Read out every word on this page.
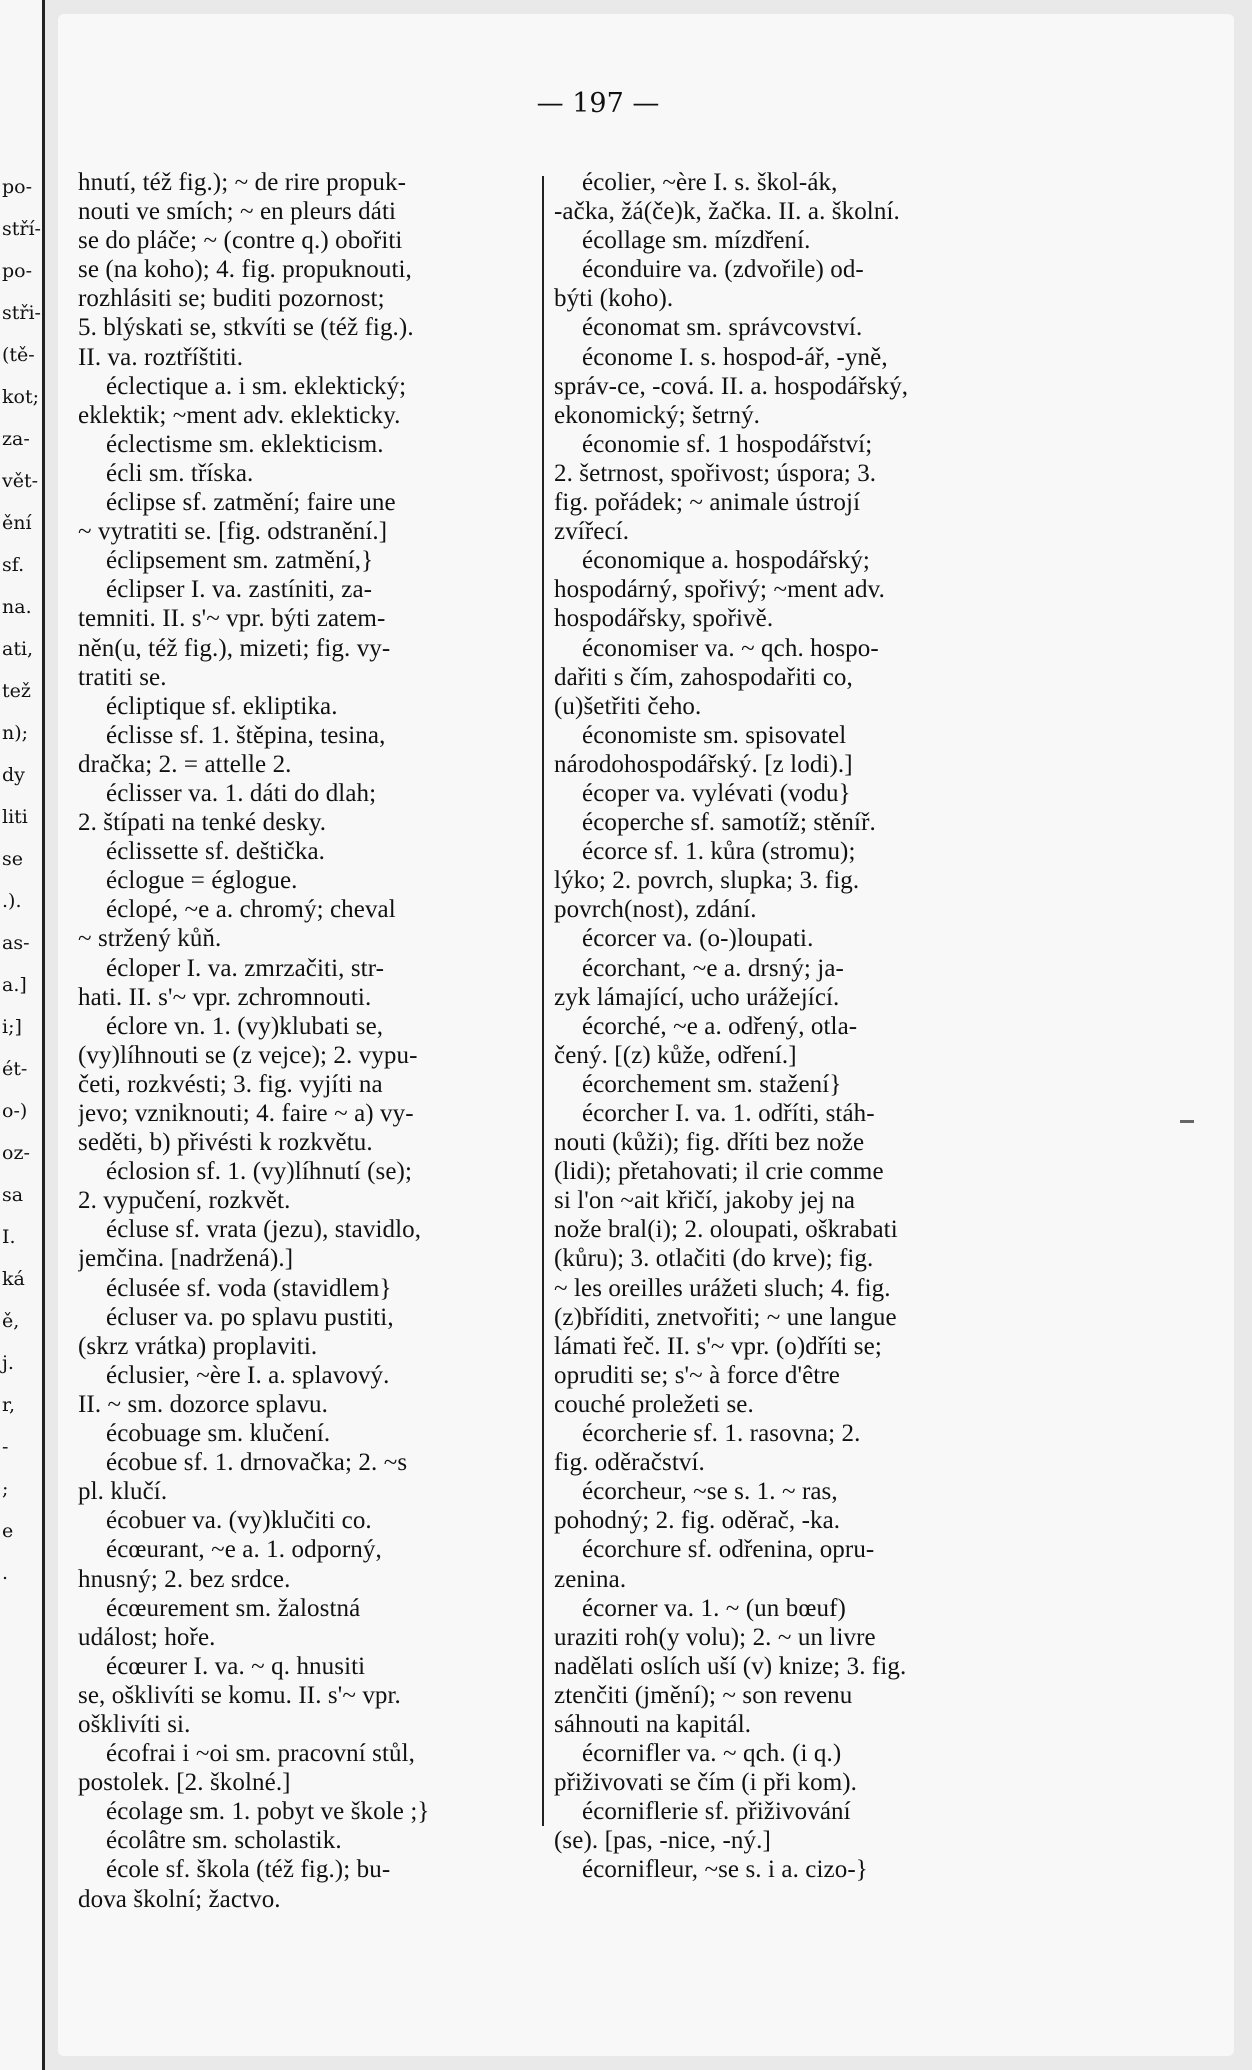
po-
stří-
po-
stři-
(tě-
kot;
za-
vět-
ění
sf.
na.
ati,
tež
n);
dy
liti
se
.).
as-
a.]
i;]
ét-
o-)
oz-
sa
I.
ká
ě,
j.
r,
-
;
e
.
— 197 —
hnutí, též fig.); ~ de rire propuk-
nouti ve smích; ~ en pleurs dáti
se do pláče; ~ (contre q.) obořiti
se (na koho); 4. fig. propuknouti,
rozhlásiti se; buditi pozornost;
5. blýskati se, stkvíti se (též fig.).
II. va. roztříštiti.
éclectique a. i sm. eklektický;
eklektik; ~ment adv. eklekticky.
éclectisme sm. eklekticism.
écli sm. tříska.
éclipse sf. zatmění; faire une
~ vytratiti se. [fig. odstranění.]
éclipsement sm. zatmění,}
éclipser I. va. zastíniti, za-
temniti. II. s'~ vpr. býti zatem-
něn(u, též fig.), mizeti; fig. vy-
tratiti se.
écliptique sf. ekliptika.
éclisse sf. 1. štěpina, tesina,
dračka; 2. = attelle 2.
éclisser va. 1. dáti do dlah;
2. štípati na tenké desky.
éclissette sf. deštička.
éclogue = églogue.
éclopé, ~e a. chromý; cheval
~ stržený kůň.
écloper I. va. zmrzačiti, str-
hati. II. s'~ vpr. zchromnouti.
éclore vn. 1. (vy)klubati se,
(vy)líhnouti se (z vejce); 2. vypu-
četi, rozkvésti; 3. fig. vyjíti na
jevo; vzniknouti; 4. faire ~ a) vy-
seděti, b) přivésti k rozkvětu.
éclosion sf. 1. (vy)líhnutí (se);
2. vypučení, rozkvět.
écluse sf. vrata (jezu), stavidlo,
jemčina. [nadržená).]
éclusée sf. voda (stavidlem}
écluser va. po splavu pustiti,
(skrz vrátka) proplaviti.
éclusier, ~ère I. a. splavový.
II. ~ sm. dozorce splavu.
écobuage sm. klučení.
écobue sf. 1. drnovačka; 2. ~s
pl. klučí.
écobuer va. (vy)klučiti co.
écœurant, ~e a. 1. odporný,
hnusný; 2. bez srdce.
écœurement sm. žalostná
událost; hoře.
écœurer I. va. ~ q. hnusiti
se, ošklivíti se komu. II. s'~ vpr.
ošklivíti si.
écofrai i ~oi sm. pracovní stůl,
postolek. [2. školné.]
écolage sm. 1. pobyt ve škole ;}
écolâtre sm. scholastik.
école sf. škola (též fig.); bu-
dova školní; žactvo.
écolier, ~ère I. s. škol-ák,
-ačka, žá(če)k, žačka. II. a. školní.
écollage sm. mízdření.
éconduire va. (zdvořile) od-
býti (koho).
économat sm. správcovství.
économe I. s. hospod-ář, -yně,
správ-ce, -cová. II. a. hospodářský,
ekonomický; šetrný.
économie sf. 1 hospodářství;
2. šetrnost, spořivost; úspora; 3.
fig. pořádek; ~ animale ústrojí
zvířecí.
économique a. hospodářský;
hospodárný, spořivý; ~ment adv.
hospodářsky, spořivě.
économiser va. ~ qch. hospo-
dařiti s čím, zahospodařiti co,
(u)šetřiti čeho.
économiste sm. spisovatel
národohospodářský. [z lodi).]
écoper va. vylévati (vodu}
écoperche sf. samotíž; stěníř.
écorce sf. 1. kůra (stromu);
lýko; 2. povrch, slupka; 3. fig.
povrch(nost), zdání.
écorcer va. (o-)loupati.
écorchant, ~e a. drsný; ja-
zyk lámající, ucho urážející.
écorché, ~e a. odřený, otla-
čený. [(z) kůže, odření.]
écorchement sm. stažení}
écorcher I. va. 1. odříti, stáh-
nouti (kůži); fig. dříti bez nože
(lidi); přetahovati; il crie comme
si l'on ~ait křičí, jakoby jej na
nože bral(i); 2. oloupati, oškrabati
(kůru); 3. otlačiti (do krve); fig.
~ les oreilles urážeti sluch; 4. fig.
(z)bříditi, znetvořiti; ~ une langue
lámati řeč. II. s'~ vpr. (o)dříti se;
opruditi se; s'~ à force d'être
couché proležeti se.
écorcherie sf. 1. rasovna; 2.
fig. oděračství.
écorcheur, ~se s. 1. ~ ras,
pohodný; 2. fig. oděrač, -ka.
écorchure sf. odřenina, opru-
zenina.
écorner va. 1. ~ (un bœuf)
uraziti roh(y volu); 2. ~ un livre
nadělati oslích uší (v) knize; 3. fig.
ztenčiti (jmění); ~ son revenu
sáhnouti na kapitál.
écornifler va. ~ qch. (i q.)
přiživovati se čím (i při kom).
écorniflerie sf. přiživování
(se). [pas, -nice, -ný.]
écornifleur, ~se s. i a. cizo-}
